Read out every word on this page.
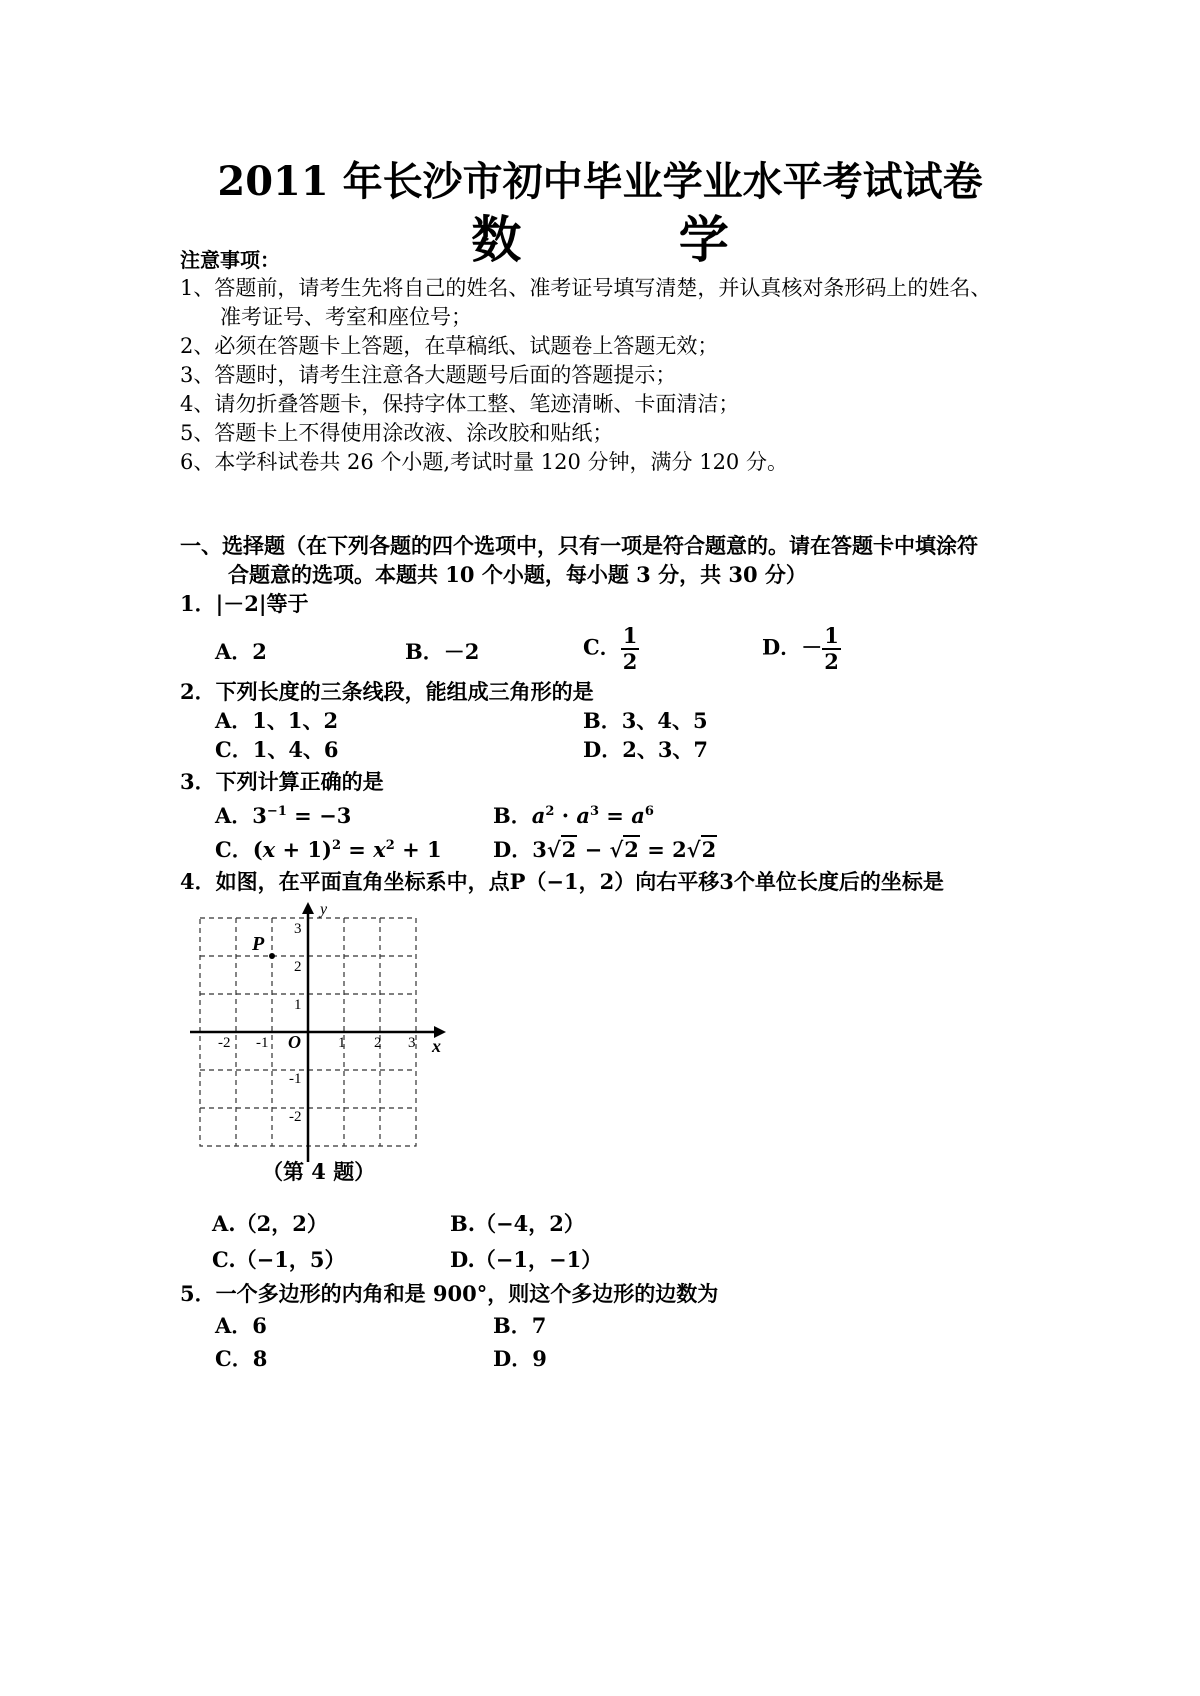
2011 年长沙市初中毕业学业水平考试试卷
数 学
注意事项：
1、答题前，请考生先将自己的姓名、准考证号填写清楚，并认真核对条形码上的姓名、
准考证号、考室和座位号；
2、必须在答题卡上答题，在草稿纸、试题卷上答题无效；
3、答题时，请考生注意各大题题号后面的答题提示；
4、请勿折叠答题卡，保持字体工整、笔迹清晰、卡面清洁；
5、答题卡上不得使用涂改液、涂改胶和贴纸；
6、本学科试卷共 26 个小题,考试时量 120 分钟，满分 120 分。
一、选择题（在下列各题的四个选项中，只有一项是符合题意的。请在答题卡中填涂符
合题意的选项。本题共 10 个小题，每小题 3 分，共 30 分）
1．|－2|等于
A．2	B．－2	C． $\frac{1}{2}$	D．－ $\frac{1}{2}$
2．下列长度的三条线段，能组成三角形的是
A．1、1、2	B．3、4、5
C．1、4、6	D．2、3、7
3．下列计算正确的是
A．$3^{-1} = -3$	B．$a^2 \cdot a^3 = a^6$
C．$(x + 1)^2 = x^2 + 1$ D．3√2 − √2 = 2√2
4．如图，在平面直角坐标系中，点P（−1，2）向右平移3个单位长度后的坐标是
P
O	x
y
-2 -1	1 2 3
3
2
1
-1
-2
（第 4 题）
A.（2，2）	B.（−4，2）
C.（−1，5）	D.（−1，−1）
5．一个多边形的内角和是 900°，则这个多边形的边数为
A．6	B．7
C．8	D．9
